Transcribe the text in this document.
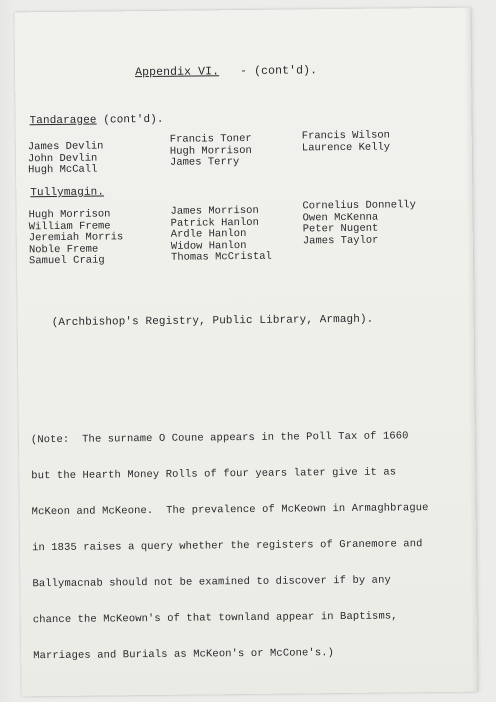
Appendix VI. - (cont'd).
Tandaragee (cont'd).
James Devlin
John Devlin
Hugh McCall
Francis Toner
Hugh Morrison
James Terry
Francis Wilson
Laurence Kelly
Tullymagin.
Hugh Morrison
William Freme
Jeremiah Morris
Noble Freme
Samuel Craig
James Morrison
Patrick Hanlon
Ardle Hanlon
Widow Hanlon
Thomas McCristal
Cornelius Donnelly
Owen McKenna
Peter Nugent
James Taylor
(Archbishop's Registry, Public Library, Armagh).

(Note:  The surname O Coune appears in the Poll Tax of 1660

but the Hearth Money Rolls of four years later give it as

McKeon and McKeone.  The prevalence of McKeown in Armaghbrague

in 1835 raises a query whether the registers of Granemore and

Ballymacnab should not be examined to discover if by any

chance the McKeown's of that townland appear in Baptisms,

Marriages and Burials as McKeon's or McCone's.)
